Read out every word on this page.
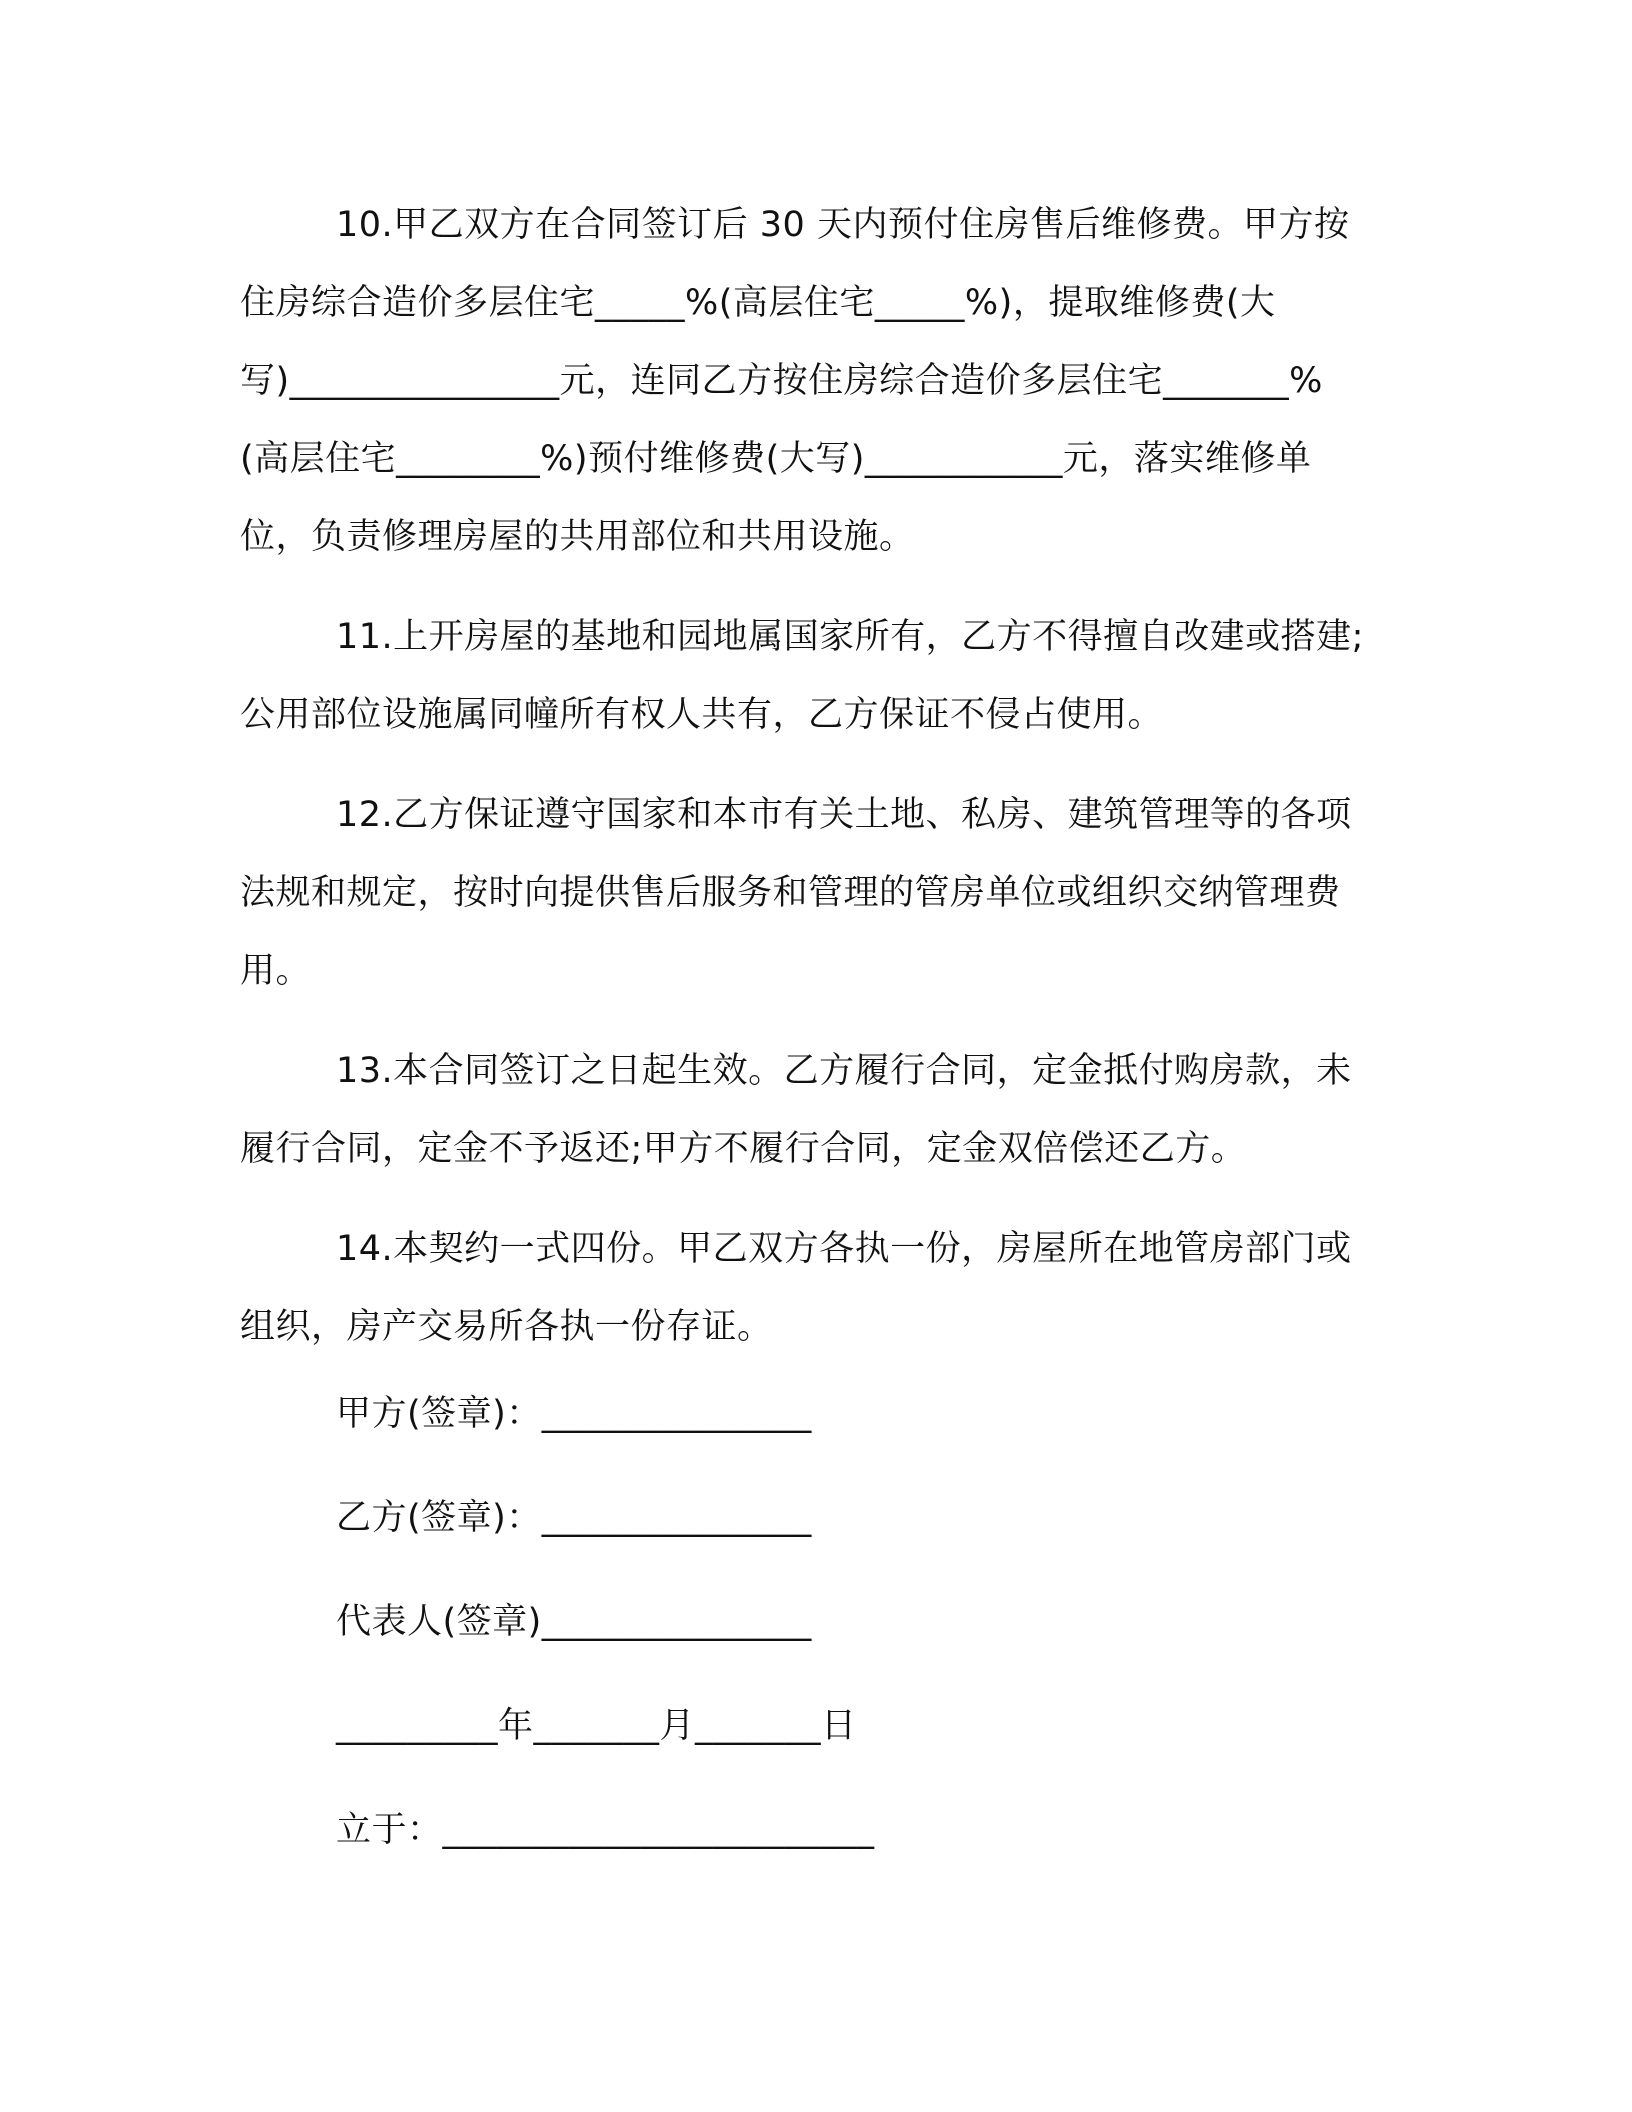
10.甲乙双方在合同签订后 30 天内预付住房售后维修费。甲方按住房综合造价多层住宅_____%(高层住宅_____%)，提取维修费(大写)_______________元，连同乙方按住房综合造价多层住宅_______%(高层住宅________%)预付维修费(大写)___________元，落实维修单位，负责修理房屋的共用部位和共用设施。

11.上开房屋的基地和园地属国家所有，乙方不得擅自改建或搭建;公用部位设施属同幢所有权人共有，乙方保证不侵占使用。

12.乙方保证遵守国家和本市有关土地、私房、建筑管理等的各项法规和规定，按时向提供售后服务和管理的管房单位或组织交纳管理费用。

13.本合同签订之日起生效。乙方履行合同，定金抵付购房款，未履行合同，定金不予返还;甲方不履行合同，定金双倍偿还乙方。

14.本契约一式四份。甲乙双方各执一份，房屋所在地管房部门或组织，房产交易所各执一份存证。

甲方(签章)：_______________
乙方(签章)：_______________
代表人(签章)_______________
_________年_______月_______日
立于：________________________
